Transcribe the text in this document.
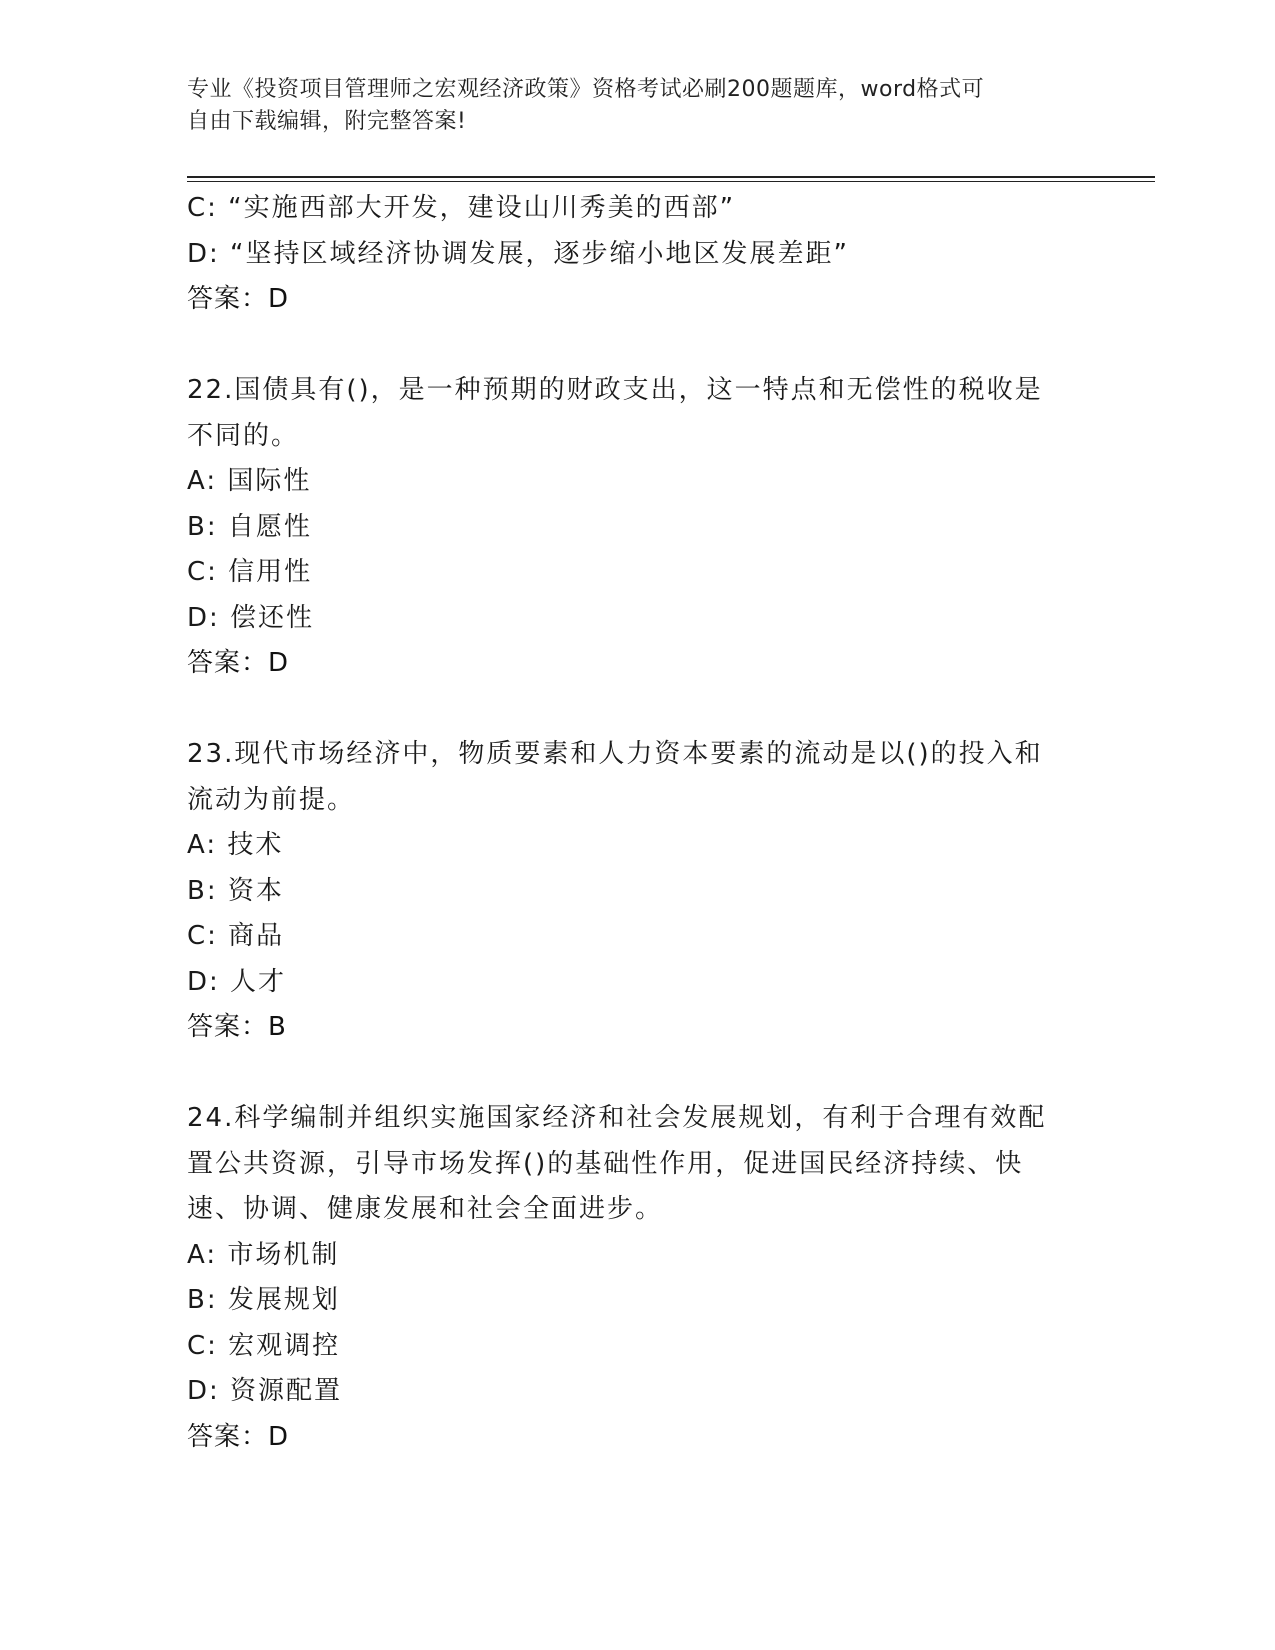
专业《投资项目管理师之宏观经济政策》资格考试必刷200题题库，word格式可
自由下载编辑，附完整答案!
C: “实施西部大开发，建设山川秀美的西部”
D: “坚持区域经济协调发展，逐步缩小地区发展差距”
答案：D
22.国债具有()，是一种预期的财政支出，这一特点和无偿性的税收是
不同的。
A: 国际性
B: 自愿性
C: 信用性
D: 偿还性
答案：D
23.现代市场经济中，物质要素和人力资本要素的流动是以()的投入和
流动为前提。
A: 技术
B: 资本
C: 商品
D: 人才
答案：B
24.科学编制并组织实施国家经济和社会发展规划，有利于合理有效配
置公共资源，引导市场发挥()的基础性作用，促进国民经济持续、快
速、协调、健康发展和社会全面进步。
A: 市场机制
B: 发展规划
C: 宏观调控
D: 资源配置
答案：D
